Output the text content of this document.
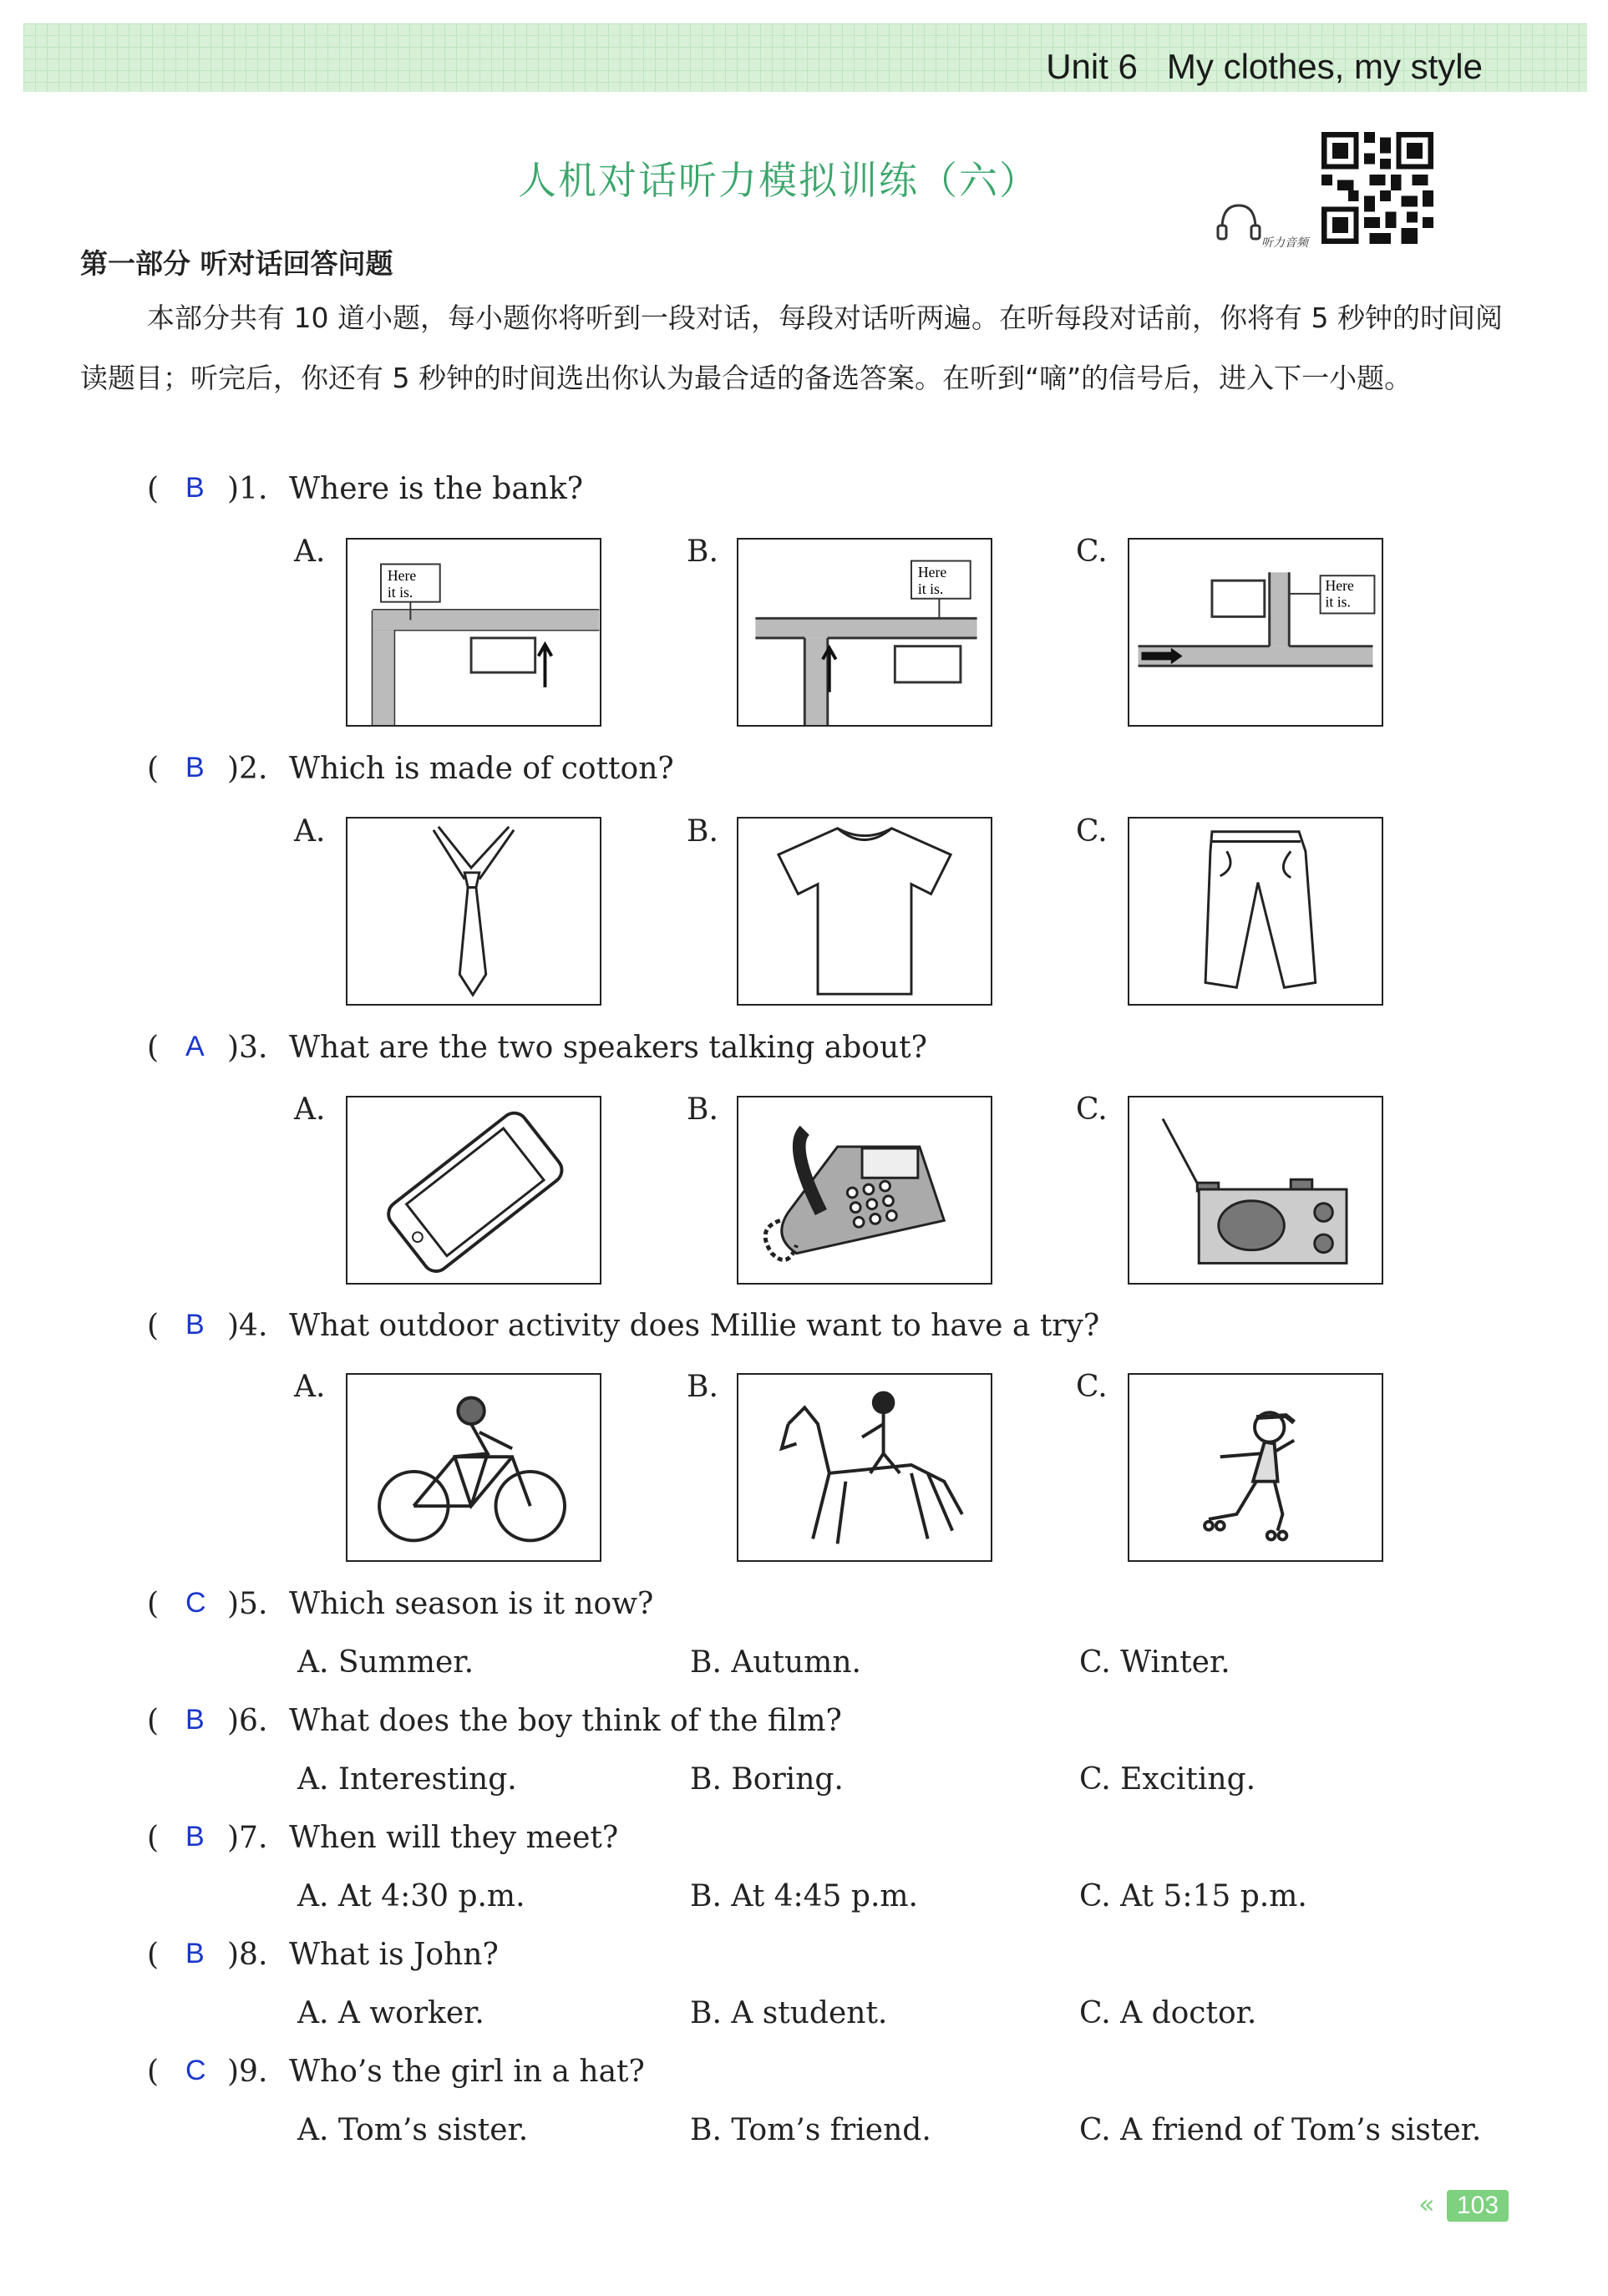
Unit 6   My clothes, my style
人机对话听力模拟训练（六）
听力音频
第一部分 听对话回答问题
本部分共有 10 道小题，每小题你将听到一段对话，每段对话听两遍。在听每段对话前，你将有 5 秒钟的时间阅读题目；听完后，你还有 5 秒钟的时间选出你认为最合适的备选答案。在听到“嘀”的信号后，进入下一小题。
( B )1. Where is the bank?
A.	B.	C.
Here
it is.
Here
it is.	Here
it is.
( B )2. Which is made of cotton?
A.	B.	C.
( A )3. What are the two speakers talking about?
A.	B.	C.
( B )4. What outdoor activity does Millie want to have a try?
A.	B.	C.
( C )5. Which season is it now?
A. Summer.	B. Autumn.	C. Winter.
( B )6. What does the boy think of the film?
A. Interesting.	B. Boring.	C. Exciting.
( B )7. When will they meet?
A. At 4:30 p.m.	B. At 4:45 p.m.	C. At 5:15 p.m.
( B )8. What is John?
A. A worker.	B. A student.	C. A doctor.
( C )9. Who’s the girl in a hat?
A. Tom’s sister.	B. Tom’s friend.	C. A friend of Tom’s sister.
« 103
